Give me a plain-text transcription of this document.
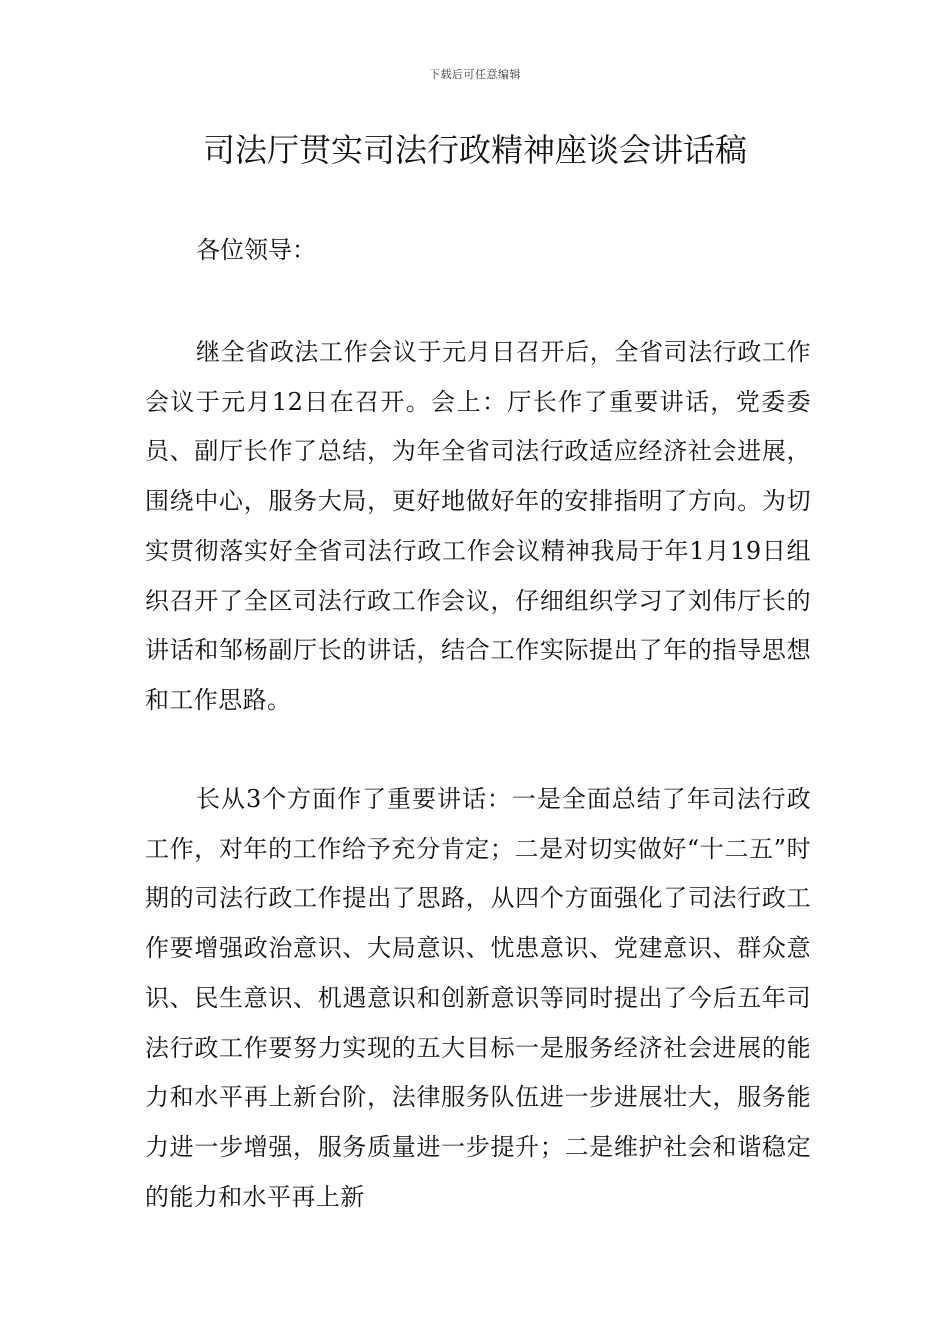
下载后可任意编辑
司法厅贯实司法行政精神座谈会讲话稿

各位领导：

继全省政法工作会议于元月日召开后，全省司法行政工作会议于元月12日在召开。会上：厅长作了重要讲话，党委委员、副厅长作了总结，为年全省司法行政适应经济社会进展，围绕中心，服务大局，更好地做好年的安排指明了方向。为切实贯彻落实好全省司法行政工作会议精神我局于年1月19日组织召开了全区司法行政工作会议，仔细组织学习了刘伟厅长的讲话和邹杨副厅长的讲话，结合工作实际提出了年的指导思想和工作思路。

长从3个方面作了重要讲话：一是全面总结了年司法行政工作，对年的工作给予充分肯定；二是对切实做好“十二五”时期的司法行政工作提出了思路，从四个方面强化了司法行政工作要增强政治意识、大局意识、忧患意识、党建意识、群众意识、民生意识、机遇意识和创新意识等同时提出了今后五年司法行政工作要努力实现的五大目标一是服务经济社会进展的能力和水平再上新台阶，法律服务队伍进一步进展壮大，服务能力进一步增强，服务质量进一步提升；二是维护社会和谐稳定的能力和水平再上新
